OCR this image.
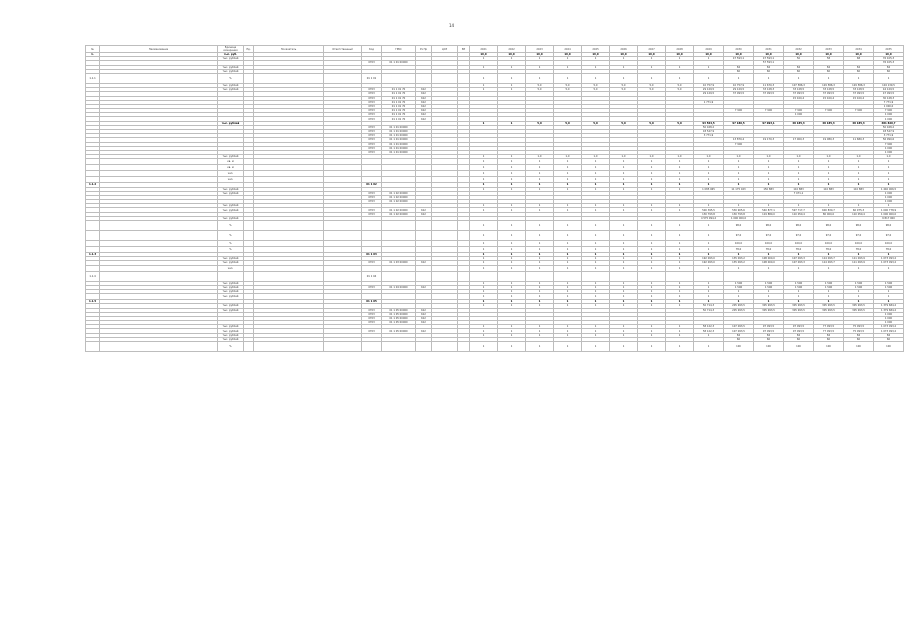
14
№	Наименование	Единица измерения	Ед.	Показатель	Ответственный	Код	ГРБС	Рз Пр	ЦСР	ВР	2021	2022	2023	2024	2025	2026	2027	2028	2029	2030	2031	2032	2033	2034	2035
1.		тыс. руб.									16,0	16,0	16,0	16,0	16,0	16,0	16,0	16,0	16,0	16,0	16,0	16,0	16,0	16,0	16,0
		тыс. рублей									1	1	1	1	1	1	1	1	1	47 593,1	47 593,1	50	58	68	76 105,3
						0703	01 1 01 00000														57 593,1				76 105,3
		тыс. рублей									1	1	1	1	1	1	1	1	1	84	84	84	84	84	84
		тыс. рублей																		60	60	60	60	60	60
1.1.1		%				01 1 01					1	1	1	1	1	1	1	1	1	1	1	1	1	1	1
		тыс. рублей									1	1	5,0	5,0	5,0	5,0	5,0	5,0	10 757,9	10 757,9	11 670,3	107 586,3	129 586,3	129 586,3	104 139,5
		тыс. рублей				0703	01 1 01 70	612			1	1	5,0	5,0	5,0	5,0	5,0	5,0	29 129,5	29 129,5	33 128,3	33 128,5	33 128,5	33 128,5	44 129,5
						0703	01 1 01 70	612											29 129,5	37 093,5	37 093,5	37 093,5	37 093,5	37 093,5	47 093,5
						0703	01 1 01 70	612														15 100,4	15 100,4	15 100,4	30 128,3
						0703	01 1 01 70	612											1 771,9						7 771,9
						0703	01 1 01 70	612																	1 000,0
						0703	01 1 01 70	612												7 900	7 900	7 900	7 900	7 900	7 900
						0703	01 1 01 70	612														1 000			1 000
						0703	01 1 01 70	612																	1 000
		тыс. рублей									1	1	5,0	5,0	5,0	5,0	5,0	5,0	93 564,5	97 180,5	97 093,1	48 185,3	48 185,3	48 185,3	481 820,7
						0703	01 1 01 00000												50 168,2						50 168,2
						0703	01 1 01 00000												18 547,9						18 547,9
						0703	01 1 01 00000												3 771,9						3 771,9
						0703	01 1 01 00000													13 870,4	19 170,3	17 000,3	19 080,3	11 680,3	56 990,6
						0703	01 1 01 00000													7 900					7 900
						0703	01 1 01 00000																		1 000
						0703	01 1 01 00000																		1 000
		тыс. рублей									1	1	1,0	1,0	1,0	1,0	1,0	1,0	1,0	1,0	1,0	1,0	1,0	1,0	1,0
		кв. м									1	1	1	1	1	1	1	1	1	1	1	1	1	1	1
		кв. м									1	1	1	1	1	1	1	1	1	1	1	1	1	1	1
		чел.									1	1	1	1	1	1	1	1	1	1	1	1	1	1	1
		чел.									1	1	1	1	1	1	1	1	1	1	1	1	1	1	1
1.1.2						01 1 02					1	1	1	1	1	1	1	1	1	1	1	1	1	1	1
		тыс. рублей									1	1	1	1	1	1	1	1	1 085 065	11 175 023	150 883	110 883	110 883	110 883	1 440 006,5
		тыс. рублей				0703	01 1 02 00000															7 071,1			1 000
						0703	01 1 02 00000																		1 000
						0703	01 1 02 00000																		1 000
		тыс. рублей									1	1	1	1	1	1	1	1	1	1	1	1	1	1	1
		тыс. рублей				0703	01 1 02 00000	612			1	1	1	1	1	1	1	1	500 395,5	530 905,6	540 877,1	597 717,7	600 830,7	60 975,3	1 000 778,9
						0703	01 1 02 00000	612											130 793,8	130 793,8	119 880,0	110 050,4	80 000,0	110 050,4	1 000 000,0
		тыс. рублей																	4 575 994,2	1 000 000,0					9 817 000
		%									1	1	1	1	1	1	1	1	1	98,0	98,0	98,0	98,0	98,0	98,0
		%									1	1	1	1	1	1	1	1	1	97,0	97,0	97,0	97,0	97,0	97,0
		%									1	1	1	1	1	1	1	1	1	100,0	100,0	100,0	100,0	100,0	100,0
		%									1	1	1	1	1	1	1	1	1	78,0	78,0	78,0	78,0	78,0	78,0
1.1.3						01 1 03					1	1	1	1	1	1	1	1	1	1	1	1	1	1	1
		тыс. рублей									1	1	1	1	1	1	1	1	192 093,0	135 093,2	108 000,0	107 093,3	114 093,7	111 093,9	1 073 093,2
		тыс. рублей				0703	01 1 03 00000	612			1	1	1	1	1	1	1	1	192 093,0	135 093,2	108 000,0	107 093,3	114 093,7	111 093,9	1 073 093,2
		чел.									1	1	1	1	1	1	1	1	1	1	1	1	1	1	1
1.1.4						01 1 04																			
		тыс. рублей									1	1	1	1	1	1	1	1	1	1 506	1 506	1 506	1 506	1 506	1 506
		тыс. рублей				0703	01 1 04 00000	612			1	1	1	1	1	1	1	1	1	1 506	1 506	1 506	1 506	1 506	1 506
		тыс. рублей									1	1	1	1	1	1	1	1	1	1	1	1	1	1	1
		тыс. рублей									1	1	1	1	1	1	1	1	1	1	1	1	1	1	1
1.1.5						01 1 05					1	1	1	1	1	1	1	1	1	1	1	1	1	1	1
		тыс. рублей									1	1	1	1	1	1	1	1	50 714,3	205 993,5	305 993,5	305 993,5	305 993,5	305 993,5	1 379 684,2
		тыс. рублей				0703	01 1 05 00000	612											50 714,3	205 993,5	305 993,5	305 993,5	305 993,5	305 993,5	1 379 684,2
						0703	01 1 05 00000	612																	1 000
						0703	01 1 05 00000	612																	1 000
						0703	01 1 05 00000	612																	1 000
		тыс. рублей									1	1	1	1	1	1	1	1	58 122,3	107 093,5	97 093,5	97 093,5	77 093,5	75 093,5	1 073 093,2
		тыс. рублей				0703	01 1 05 00000	612			1	1	1	1	1	1	1	1	58 122,3	107 093,5	97 093,5	97 093,5	77 093,5	75 093,5	1 073 093,2
		тыс. рублей									1	1	1	1	1	1	1	1	1	84	84	84	84	84	84
		тыс. рублей																		60	60	60	60	60	60
		%									1	1	1	1	1	1	1	1	1	100	100	100	100	100	100
